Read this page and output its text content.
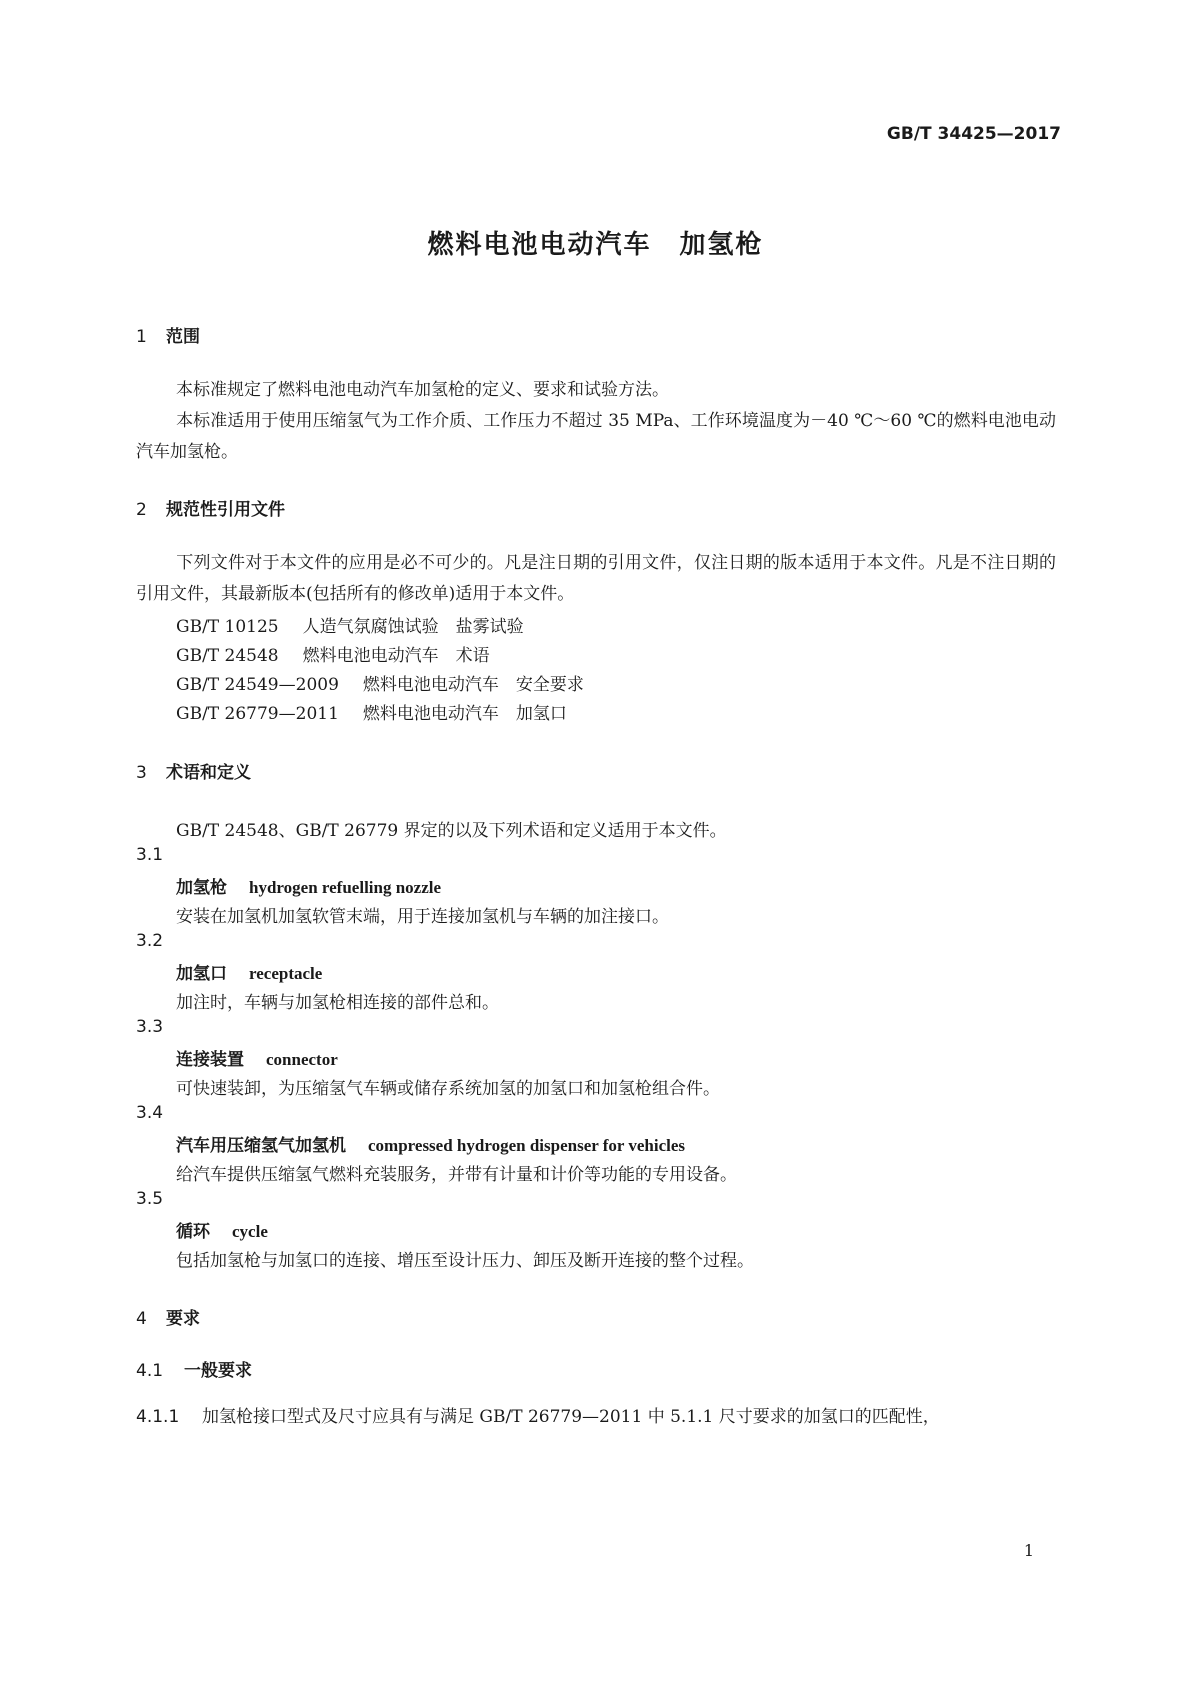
GB/T 34425—2017
燃料电池电动汽车　加氢枪
1 范围
本标准规定了燃料电池电动汽车加氢枪的定义、要求和试验方法。
本标准适用于使用压缩氢气为工作介质、工作压力不超过 35 MPa、工作环境温度为－40 ℃～60 ℃的燃料电池电动汽车加氢枪。
2 规范性引用文件
下列文件对于本文件的应用是必不可少的。凡是注日期的引用文件，仅注日期的版本适用于本文件。凡是不注日期的引用文件，其最新版本(包括所有的修改单)适用于本文件。
GB/T 10125 人造气氛腐蚀试验　盐雾试验
GB/T 24548 燃料电池电动汽车　术语
GB/T 24549—2009 燃料电池电动汽车　安全要求
GB/T 26779—2011 燃料电池电动汽车　加氢口
3 术语和定义
GB/T 24548、GB/T 26779 界定的以及下列术语和定义适用于本文件。
3.1
加氢枪 hydrogen refuelling nozzle
安装在加氢机加氢软管末端，用于连接加氢机与车辆的加注接口。
3.2
加氢口 receptacle
加注时，车辆与加氢枪相连接的部件总和。
3.3
连接装置 connector
可快速装卸，为压缩氢气车辆或储存系统加氢的加氢口和加氢枪组合件。
3.4
汽车用压缩氢气加氢机 compressed hydrogen dispenser for vehicles
给汽车提供压缩氢气燃料充装服务，并带有计量和计价等功能的专用设备。
3.5
循环 cycle
包括加氢枪与加氢口的连接、增压至设计压力、卸压及断开连接的整个过程。
4 要求
4.1 一般要求
4.1.1 加氢枪接口型式及尺寸应具有与满足 GB/T 26779—2011 中 5.1.1 尺寸要求的加氢口的匹配性，
1
